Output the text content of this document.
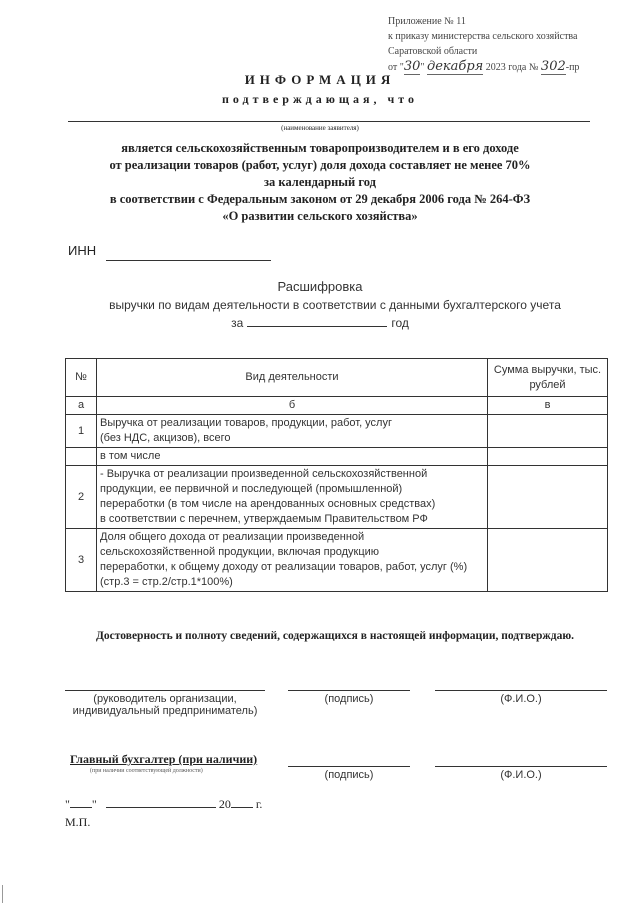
Приложение № 11
к приказу министерства сельского хозяйства
Саратовской области
от "30" декабря 2023 года № 302-пр
ИНФОРМАЦИЯ
подтверждающая, что
(наименование заявителя)
является сельскохозяйственным товаропроизводителем и в его доходе
от реализации товаров (работ, услуг) доля дохода составляет не менее 70%
за календарный год
в соответствии с Федеральным законом от 29 декабря 2006 года № 264-ФЗ
«О развитии сельского хозяйства»
ИНН
Расшифровка
выручки по видам деятельности в соответствии с данными бухгалтерского учета
за	год
№	Вид деятельности	Сумма выручки, тыс. рублей
а	б	в
1	Выручка от реализации товаров, продукции, работ, услуг
(без НДС, акцизов), всего	

	в том числе	
2	- Выручка от реализации произведенной сельскохозяйственной
продукции, ее первичной и последующей (промышленной)
переработки (в том числе на арендованных основных средствах)
в соответствии с перечнем, утверждаемым Правительством РФ	

3	Доля общего дохода от реализации произведенной
сельскохозяйственной продукции, включая продукцию
переработки, к общему доходу от реализации товаров, работ, услуг (%)
(стр.3 = стр.2/стр.1*100%)	

Достоверность и полноту сведений, содержащихся в настоящей информации, подтверждаю.
(руководитель организации,
индивидуальный предприниматель)
(подпись)	(Ф.И.О.)
Главный бухгалтер (при наличии)
(при наличии соответствующей должности)	(подпись)	(Ф.И.О.)
" "	20 г.
М.П.
